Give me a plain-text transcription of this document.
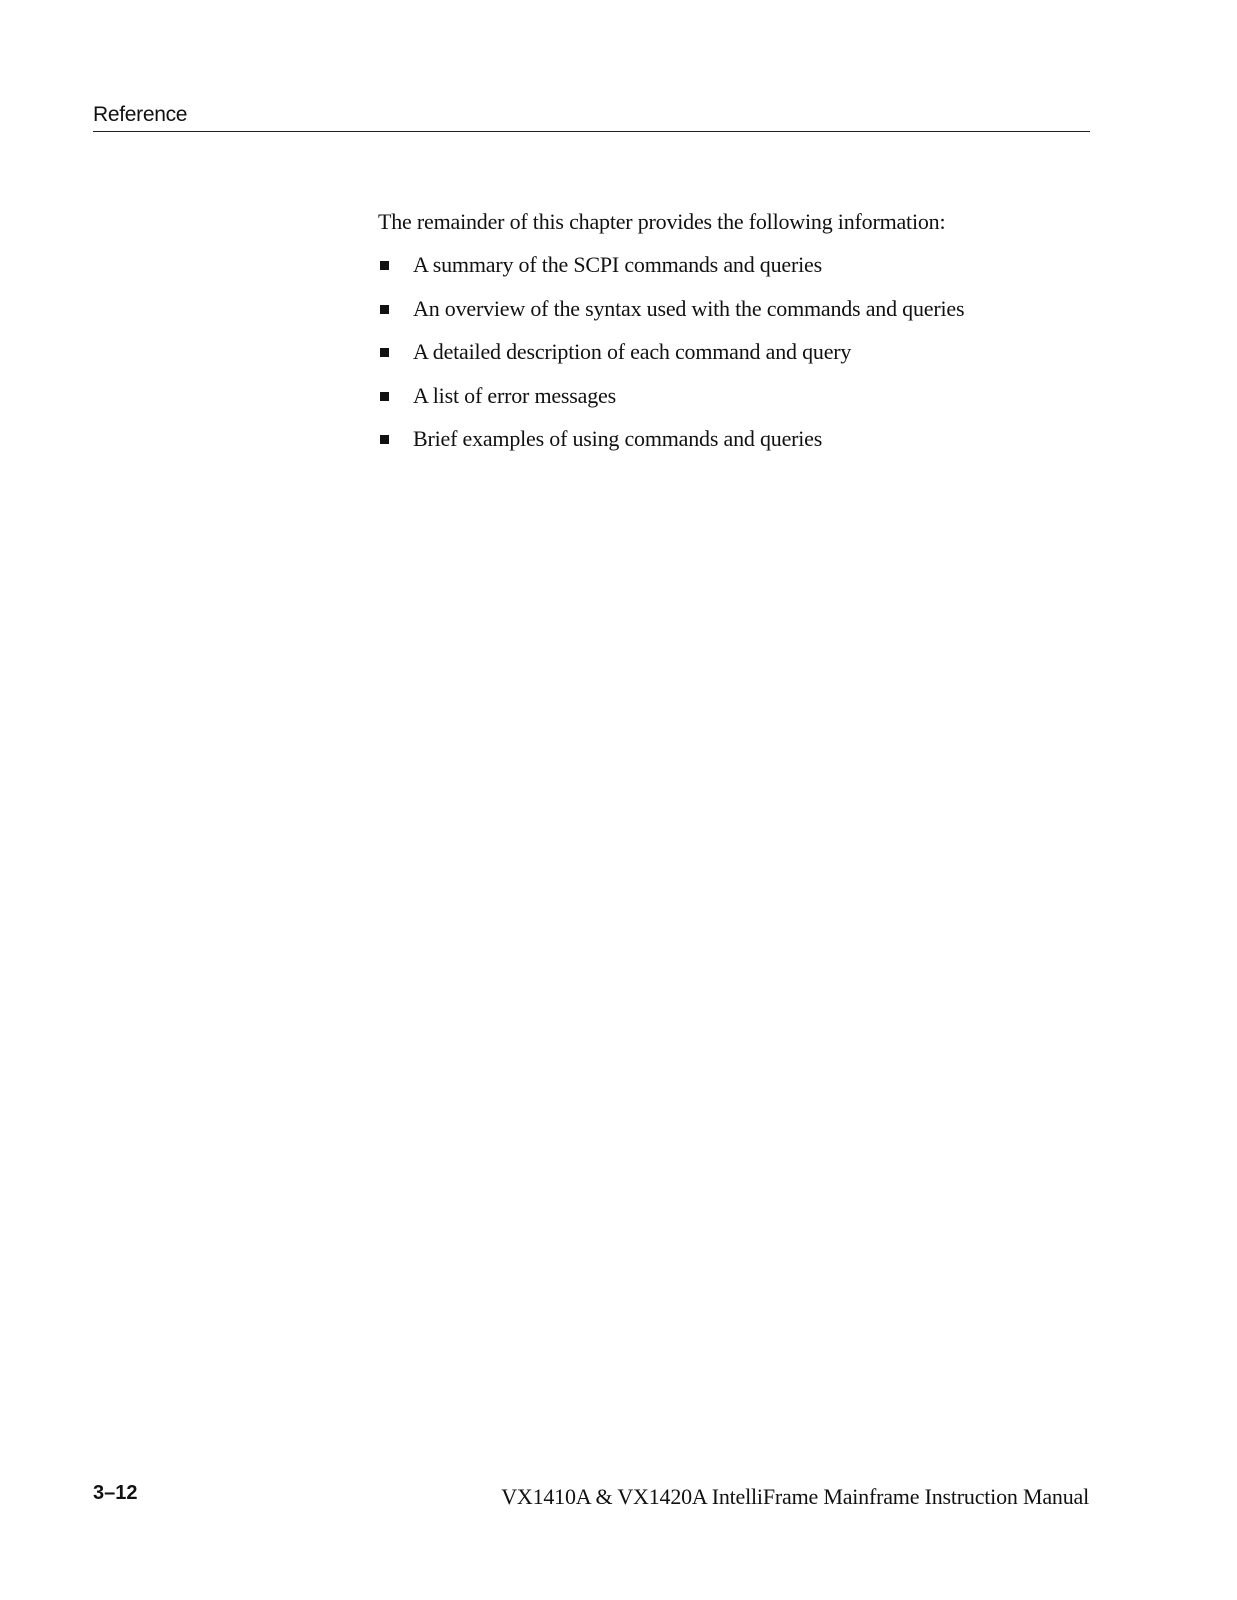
Reference

The remainder of this chapter provides the following information:

A summary of the SCPI commands and queries
An overview of the syntax used with the commands and queries
A detailed description of each command and query
A list of error messages
Brief examples of using commands and queries
3–12	VX1410A & VX1420A IntelliFrame Mainframe Instruction Manual
